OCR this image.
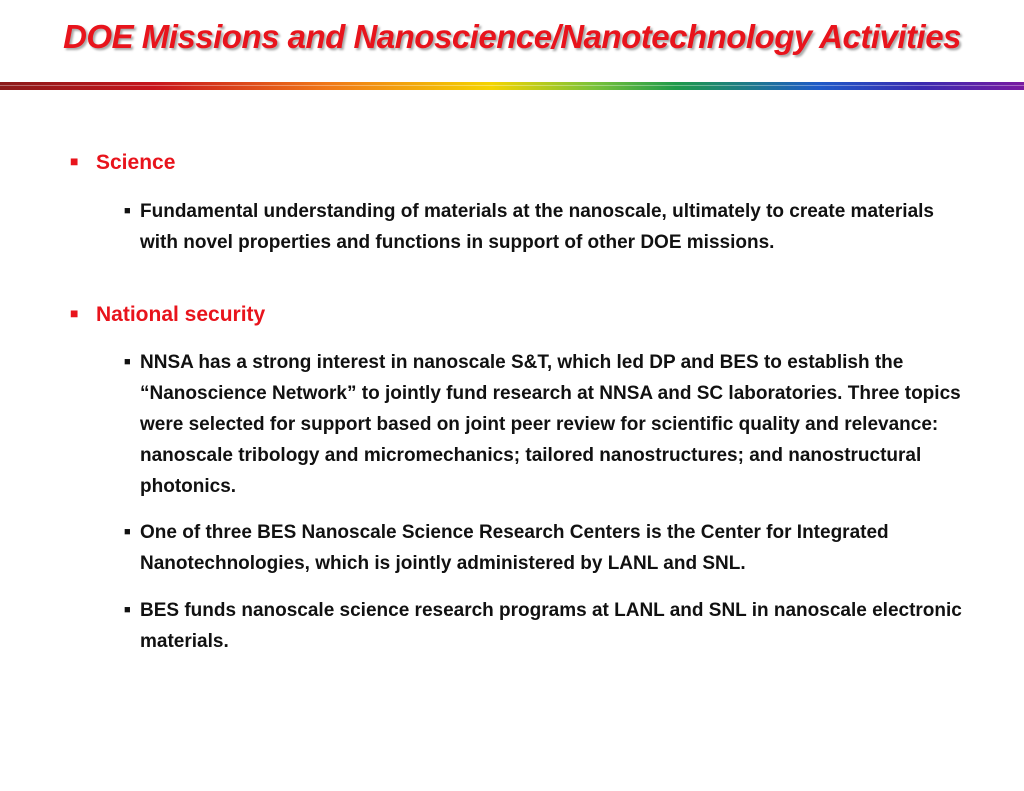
DOE Missions and Nanoscience/Nanotechnology Activities

■ Science

■ Fundamental understanding of materials at the nanoscale, ultimately to create materials with novel properties and functions in support of other DOE missions.

■ National security

■ NNSA has a strong interest in nanoscale S&T, which led DP and BES to establish the “Nanoscience Network” to jointly fund research at NNSA and SC laboratories. Three topics were selected for support based on joint peer review for scientific quality and relevance: nanoscale tribology and micromechanics; tailored nanostructures; and nanostructural photonics.

■ One of three BES Nanoscale Science Research Centers is the Center for Integrated Nanotechnologies, which is jointly administered by LANL and SNL.

■ BES funds nanoscale science research programs at LANL and SNL in nanoscale electronic materials.
